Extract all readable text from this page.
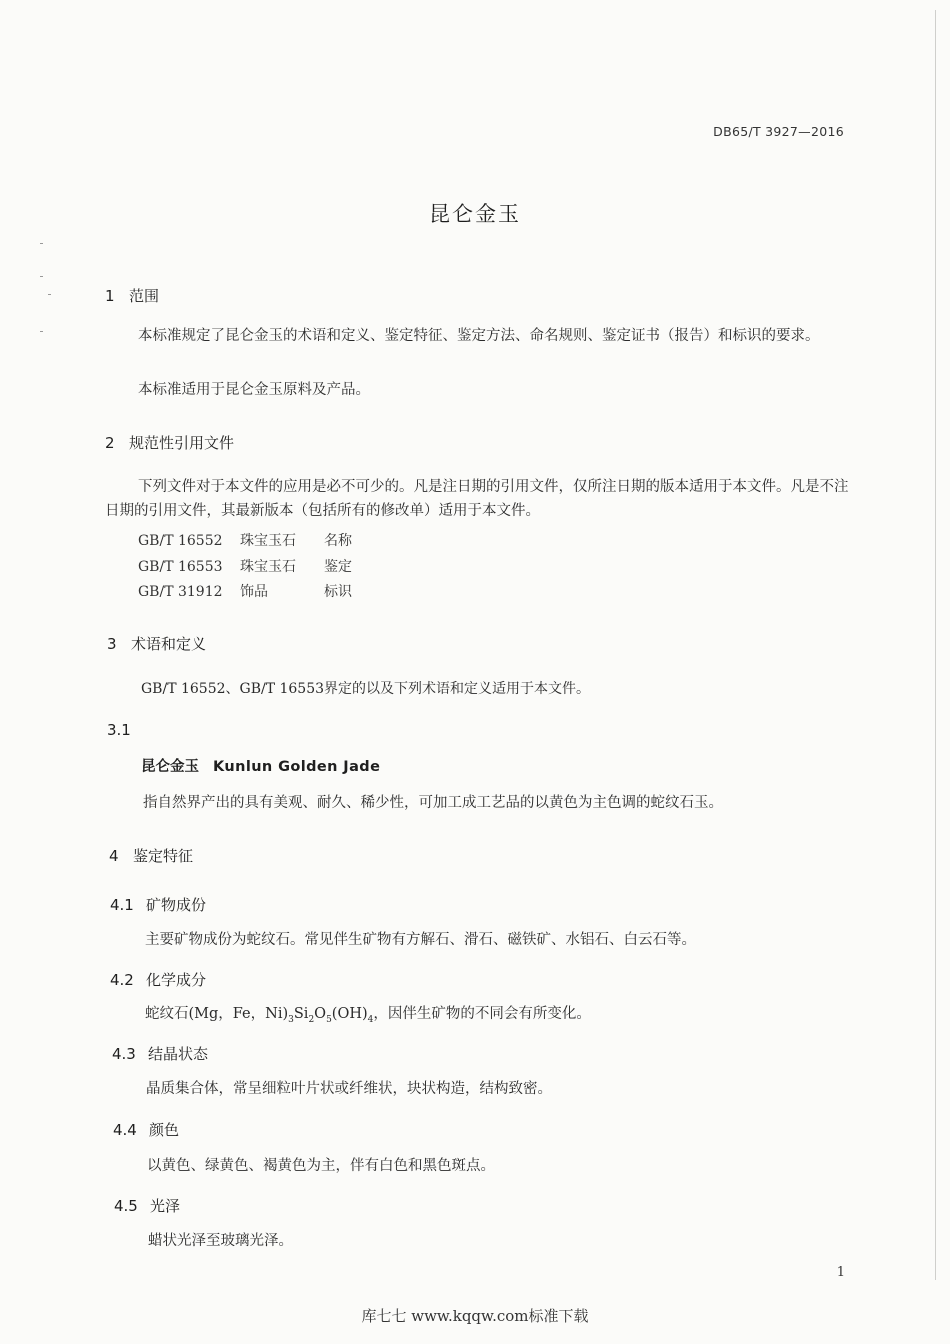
DB65/T 3927—2016
昆仑金玉
1 范围
本标准规定了昆仑金玉的术语和定义、鉴定特征、鉴定方法、命名规则、鉴定证书（报告）和标识的要求。
本标准适用于昆仑金玉原料及产品。
2 规范性引用文件
下列文件对于本文件的应用是必不可少的。凡是注日期的引用文件，仅所注日期的版本适用于本文件。凡是不注日期的引用文件，其最新版本（包括所有的修改单）适用于本文件。
GB/T 16552 珠宝玉石 名称
GB/T 16553 珠宝玉石 鉴定
GB/T 31912 饰品	标识
3 术语和定义
GB/T 16552、GB/T 16553界定的以及下列术语和定义适用于本文件。
3.1
昆仑金玉 Kunlun Golden Jade
指自然界产出的具有美观、耐久、稀少性，可加工成工艺品的以黄色为主色调的蛇纹石玉。
4 鉴定特征
4.1 矿物成份
主要矿物成份为蛇纹石。常见伴生矿物有方解石、滑石、磁铁矿、水铝石、白云石等。
4.2 化学成分
蛇纹石(Mg，Fe，$Ni)_3Si_2O_5(OH)_4$，因伴生矿物的不同会有所变化。
4.3 结晶状态
晶质集合体，常呈细粒叶片状或纤维状，块状构造，结构致密。
4.4 颜色
以黄色、绿黄色、褐黄色为主，伴有白色和黑色斑点。
4.5 光泽
蜡状光泽至玻璃光泽。
1
库七七 www.kqqw.com标准下载
